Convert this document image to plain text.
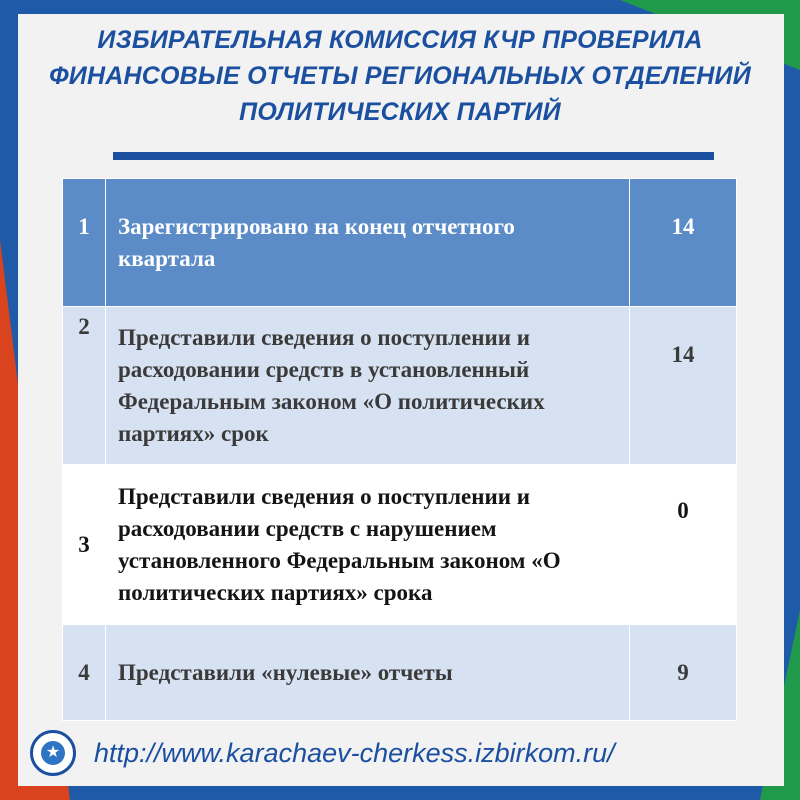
ИЗБИРАТЕЛЬНАЯ КОМИССИЯ КЧР ПРОВЕРИЛА
ФИНАНСОВЫЕ ОТЧЕТЫ РЕГИОНАЛЬНЫХ ОТДЕЛЕНИЙ
ПОЛИТИЧЕСКИХ ПАРТИЙ
1	Зарегистрировано на конец отчетного квартала	14
2	Представили сведения о поступлении и расходовании средств в установленный Федеральным законом «О политических партиях» срок	14
3	Представили сведения о поступлении и расходовании средств с нарушением установленного Федеральным законом «О политических партиях» срока	0
4	Представили «нулевые» отчеты	9
★	http://www.karachaev-cherkess.izbirkom.ru/
